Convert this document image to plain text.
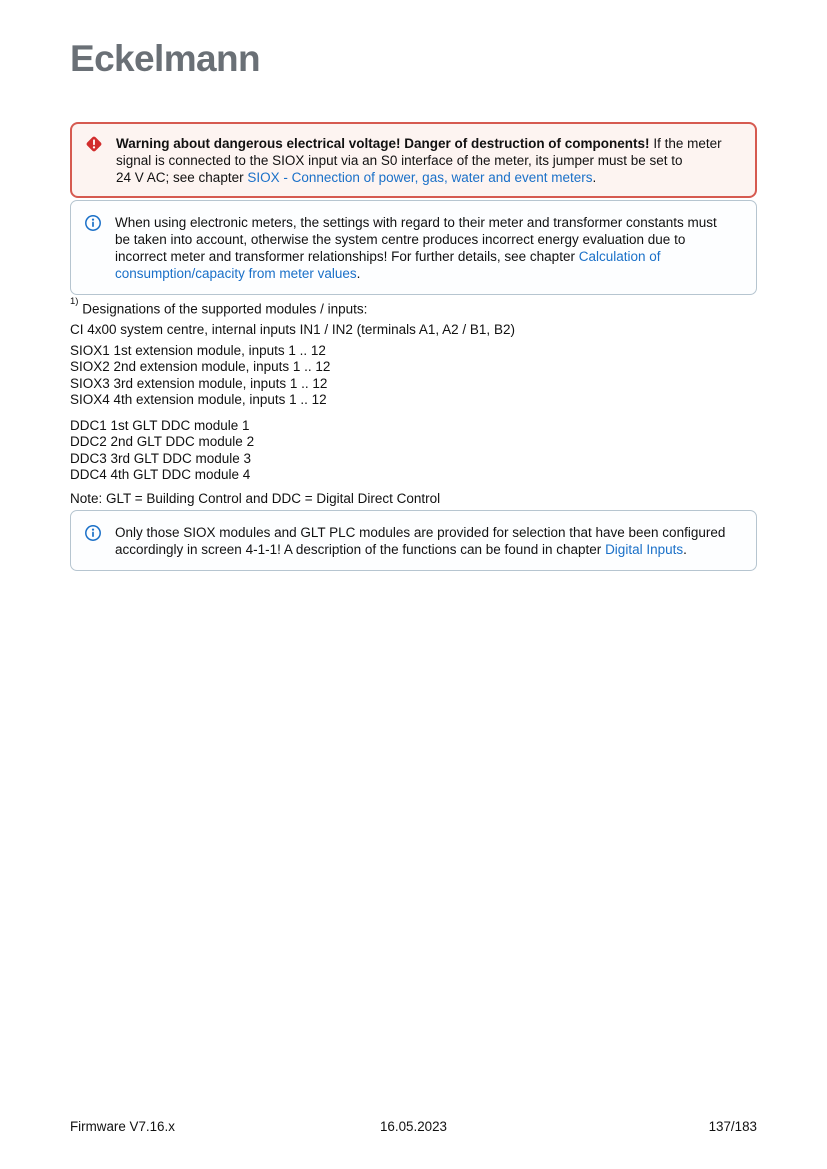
Eckelmann
Warning about dangerous electrical voltage! Danger of destruction of components! If the meter
signal is connected to the SIOX input via an S0 interface of the meter, its jumper must be set to
24 V AC; see chapter SIOX - Connection of power, gas, water and event meters.
When using electronic meters, the settings with regard to their meter and transformer constants must
be taken into account, otherwise the system centre produces incorrect energy evaluation due to
incorrect meter and transformer relationships! For further details, see chapter Calculation of
consumption/capacity from meter values.

$^{1)}$ Designations of the supported modules / inputs:
CI 4x00 system centre, internal inputs IN1 / IN2 (terminals A1, A2 / B1, B2)

SIOX1 1st extension module, inputs 1 .. 12
SIOX2 2nd extension module, inputs 1 .. 12
SIOX3 3rd extension module, inputs 1 .. 12
SIOX4 4th extension module, inputs 1 .. 12

DDC1 1st GLT DDC module 1
DDC2 2nd GLT DDC module 2
DDC3 3rd GLT DDC module 3
DDC4 4th GLT DDC module 4

Note: GLT = Building Control and DDC = Digital Direct Control

Only those SIOX modules and GLT PLC modules are provided for selection that have been configured
accordingly in screen 4-1-1! A description of the functions can be found in chapter Digital Inputs.
Firmware V7.16.x	16.05.2023	137/183
